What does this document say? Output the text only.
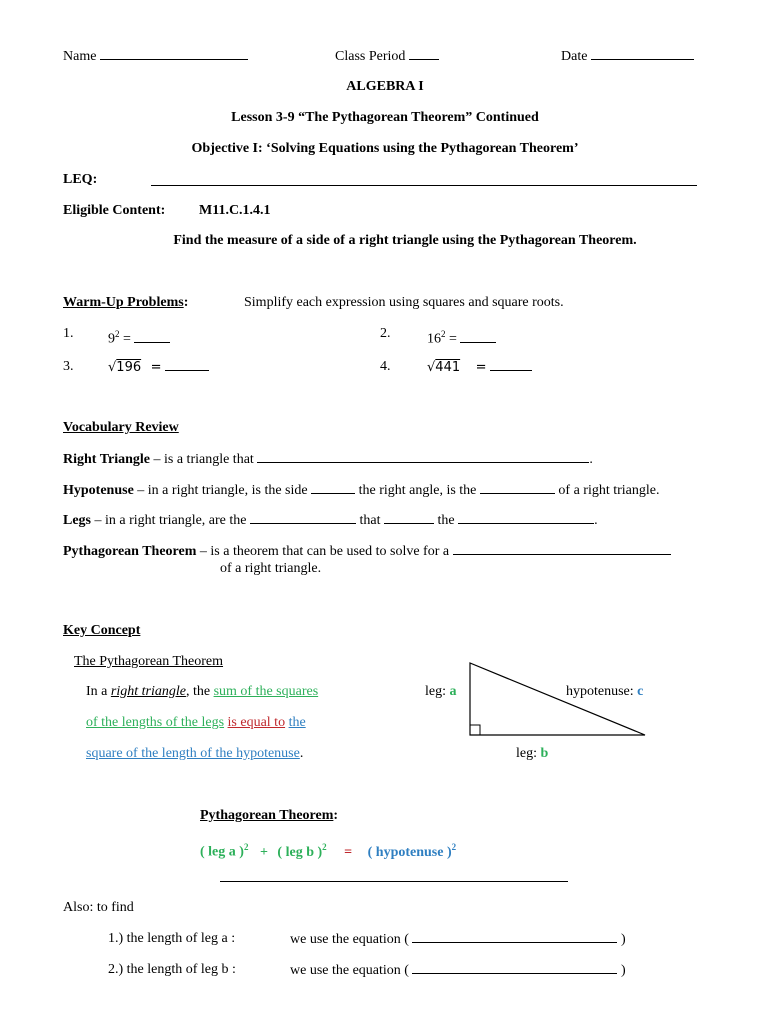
Name	Class Period	Date
ALGEBRA I
Lesson 3-9 “The Pythagorean Theorem” Continued
Objective I: ‘Solving Equations using the Pythagorean Theorem’
LEQ:
Eligible Content: M11.C.1.4.1
Find the measure of a side of a right triangle using the Pythagorean Theorem.
Warm-Up Problems:	Simplify each expression using squares and square roots.
1. $9^2$ =	2.	$16^2$ =
3.	√196 =	4.	√441 =
Vocabulary Review
Right Triangle – is a triangle that	.
Hypotenuse – in a right triangle, is the side	the right angle, is the	of a right triangle.
Legs – in a right triangle, are the	that	the	.
Pythagorean Theorem – is a theorem that can be used to solve for a
of a right triangle.
Key Concept
The Pythagorean Theorem
In a right triangle, the sum of the squares
of the lengths of the legs is equal to the
square of the length of the hypotenuse.
leg: a	hypotenuse: c
leg: b
Pythagorean Theorem:
( leg a )$^2$ + ( leg b )$^2$ = ( hypotenuse )$^2$
Also: to find
1.) the length of leg a :	we use the equation (	)
2.) the length of leg b :	we use the equation (	)
